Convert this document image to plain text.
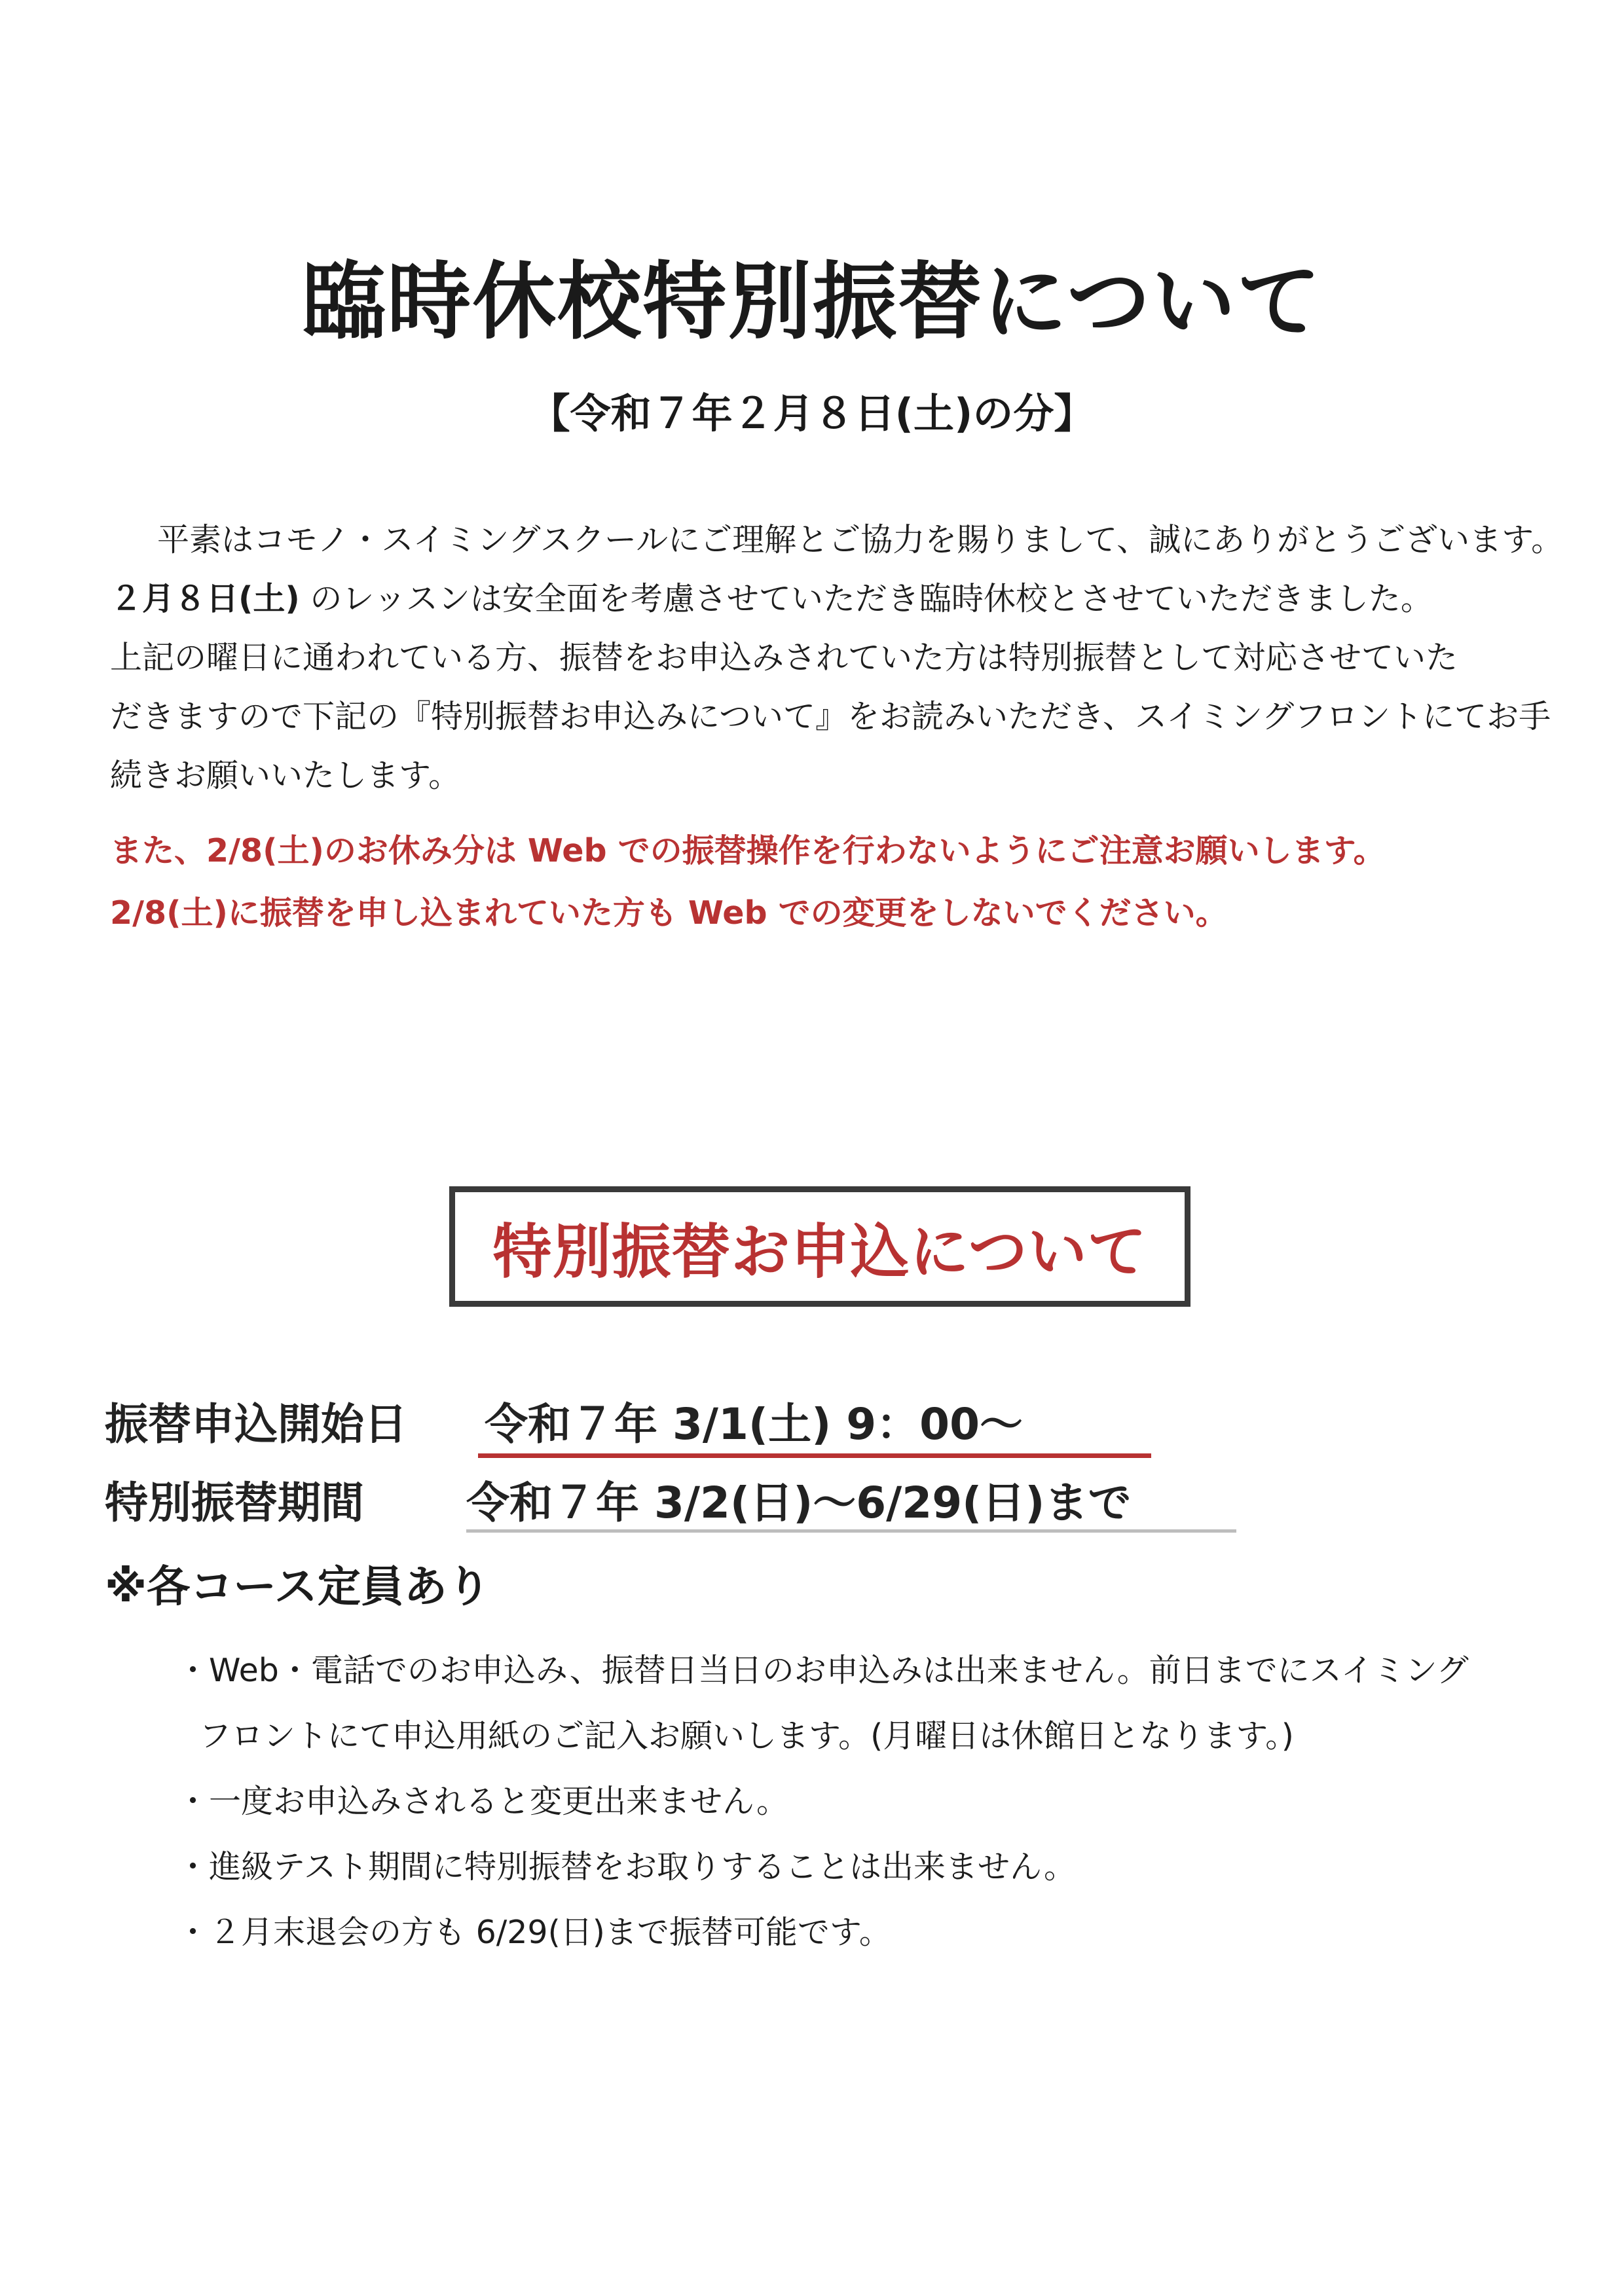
臨時休校特別振替について
【令和７年２月８日(土)の分】
平素はコモノ・スイミングスクールにご理解とご協力を賜りまして、誠にありがとうございます。
２月８日(土) のレッスンは安全面を考慮させていただき臨時休校とさせていただきました。
上記の曜日に通われている方、振替をお申込みされていた方は特別振替として対応させていた
だきますので下記の『特別振替お申込みについて』をお読みいただき、スイミングフロントにてお手
続きお願いいたします。
また、2/8(土)のお休み分は Web での振替操作を行わないようにご注意お願いします。
2/8(土)に振替を申し込まれていた方も Web での変更をしないでください。
特別振替お申込について
振替申込開始日 令和７年 3/1(土) 9：00～
特別振替期間 令和７年 3/2(日)～6/29(日)まで
※各コース定員あり
・Web・電話でのお申込み、振替日当日のお申込みは出来ません。前日までにスイミング
フロントにて申込用紙のご記入お願いします。(月曜日は休館日となります。)
・一度お申込みされると変更出来ません。
・進級テスト期間に特別振替をお取りすることは出来ません。
・２月末退会の方も 6/29(日)まで振替可能です。
